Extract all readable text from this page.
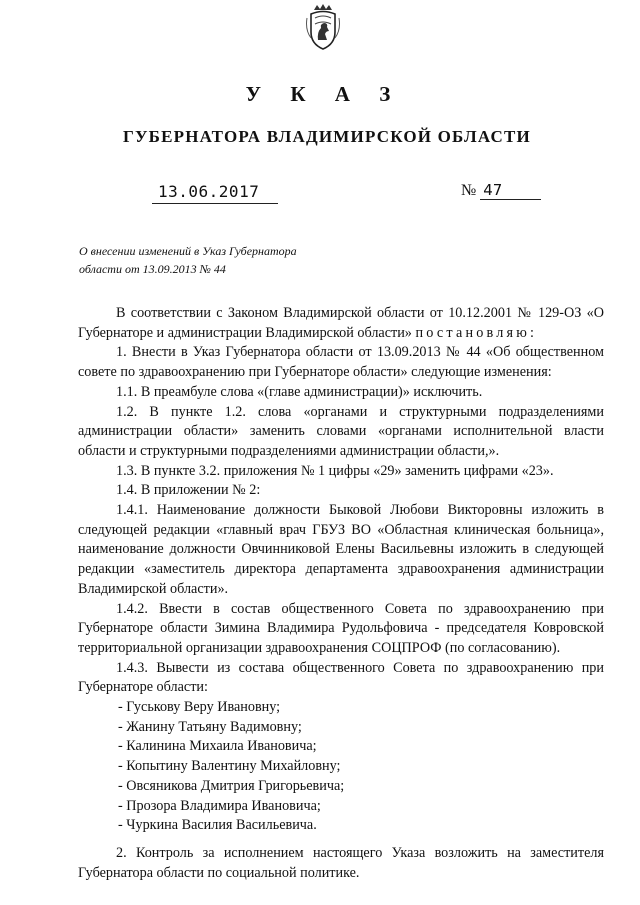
У К А З
ГУБЕРНАТОРА ВЛАДИМИРСКОЙ ОБЛАСТИ
13.06.2017	№ 47
О внесении изменений в Указ Губернатора
области от 13.09.2013 № 44

В соответствии с Законом Владимирской области от 10.12.2001 № 129-ОЗ «О Губернаторе и администрации Владимирской области» постановляю:

1. Внести в Указ Губернатора области от 13.09.2013 № 44 «Об общественном совете по здравоохранению при Губернаторе области» следующие изменения:

1.1. В преамбуле слова «(главе администрации)» исключить.

1.2. В пункте 1.2. слова «органами и структурными подразделениями администрации области» заменить словами «органами исполнительной власти области и структурными подразделениями администрации области,».

1.3. В пункте 3.2. приложения № 1 цифры «29» заменить цифрами «23».

1.4. В приложении № 2:

1.4.1. Наименование должности Быковой Любови Викторовны изложить в следующей редакции «главный врач ГБУЗ ВО «Областная клиническая больница», наименование должности Овчинниковой Елены Васильевны изложить в следующей редакции «заместитель директора департамента здравоохранения администрации Владимирской области».

1.4.2. Ввести в состав общественного Совета по здравоохранению при Губернаторе области Зимина Владимира Рудольфовича - председателя Ковровской территориальной организации здравоохранения СОЦПРОФ (по согласованию).

1.4.3. Вывести из состава общественного Совета по здравоохранению при Губернаторе области:

- Гуськову Веру Ивановну;

- Жанину Татьяну Вадимовну;

- Калинина Михаила Ивановича;

- Копытину Валентину Михайловну;

- Овсяникова Дмитрия Григорьевича;

- Прозора Владимира Ивановича;

- Чуркина Василия Васильевича.

2. Контроль за исполнением настоящего Указа возложить на заместителя Губернатора области по социальной политике.
